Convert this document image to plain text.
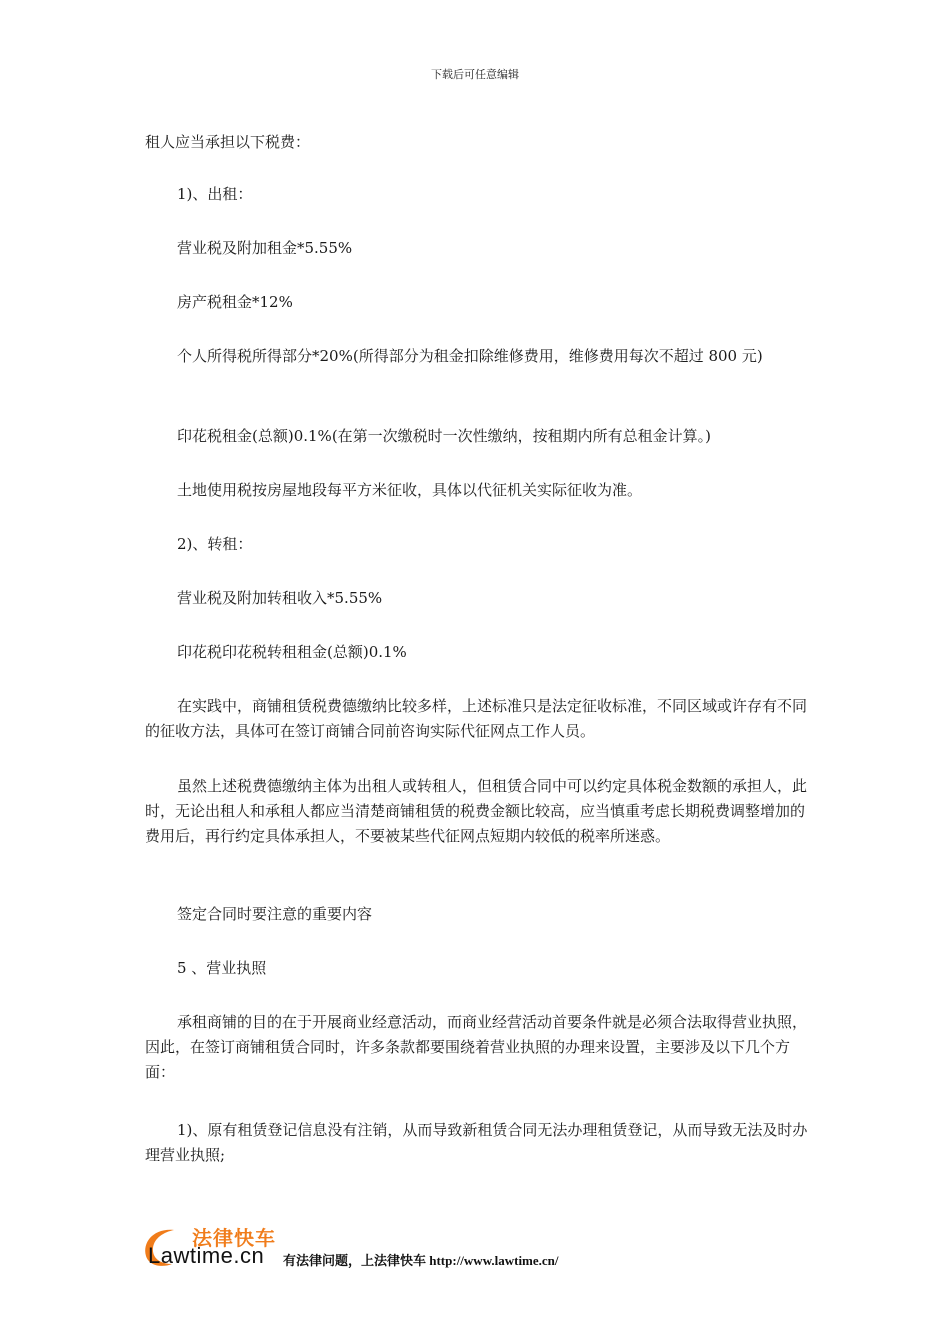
下载后可任意编辑

租人应当承担以下税费：

1)、出租：

营业税及附加租金*5.55%

房产税租金*12%

个人所得税所得部分*20%(所得部分为租金扣除维修费用，维修费用每次不超过 800 元)

印花税租金(总额)0.1%(在第一次缴税时一次性缴纳，按租期内所有总租金计算。)

土地使用税按房屋地段每平方米征收，具体以代征机关实际征收为准。

2)、转租：

营业税及附加转租收入*5.55%

印花税印花税转租租金(总额)0.1%

在实践中，商铺租赁税费德缴纳比较多样，上述标准只是法定征收标准，不同区域或许存有不同的征收方法，具体可在签订商铺合同前咨询实际代征网点工作人员。

虽然上述税费德缴纳主体为出租人或转租人，但租赁合同中可以约定具体税金数额的承担人，此时，无论出租人和承租人都应当清楚商铺租赁的税费金额比较高，应当慎重考虑长期税费调整增加的费用后，再行约定具体承担人，不要被某些代征网点短期内较低的税率所迷惑。

签定合同时要注意的重要内容

5 、营业执照

承租商铺的目的在于开展商业经意活动，而商业经营活动首要条件就是必须合法取得营业执照，因此，在签订商铺租赁合同时，许多条款都要围绕着营业执照的办理来设置，主要涉及以下几个方面：

1)、原有租赁登记信息没有注销，从而导致新租赁合同无法办理租赁登记，从而导致无法及时办理营业执照;

法律快车
Lawtime.cn 有法律问题，上法律快车 http://www.lawtime.cn/
